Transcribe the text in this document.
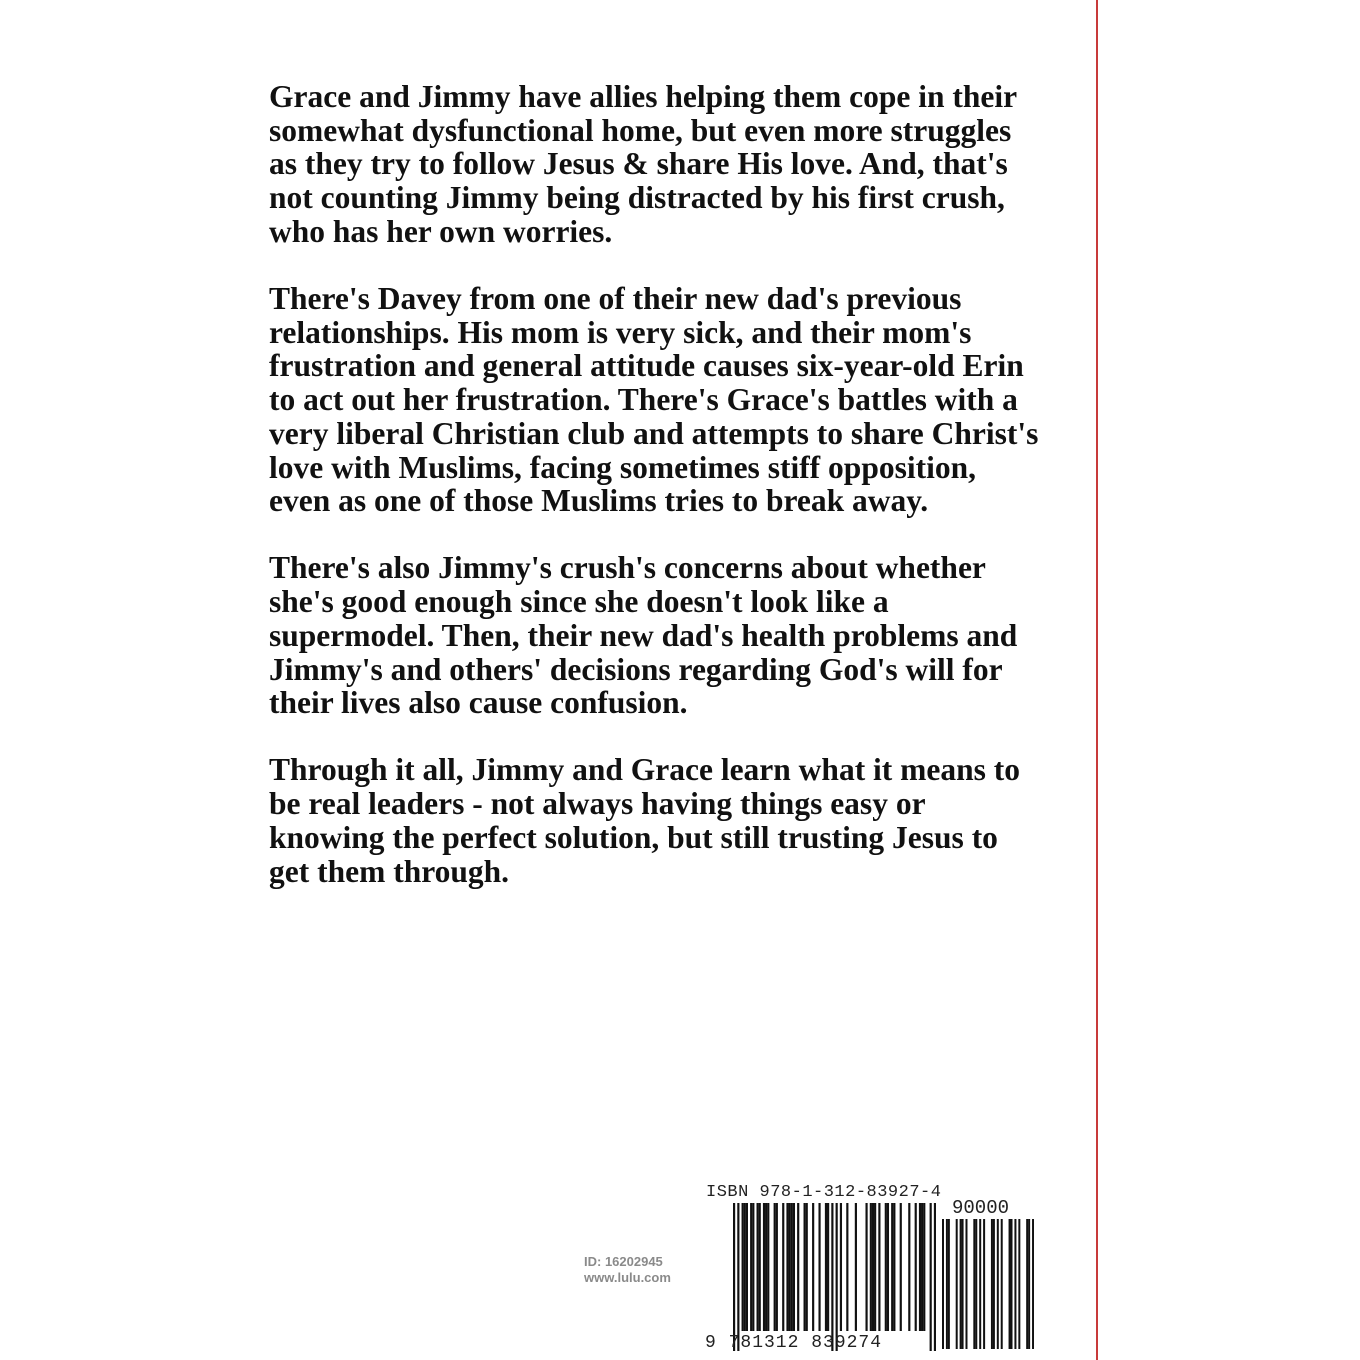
Grace and Jimmy have allies helping them cope in their somewhat dysfunctional home, but even more struggles as they try to follow Jesus & share His love. And, that's not counting Jimmy being distracted by his first crush, who has her own worries.

There's Davey from one of their new dad's previous relationships. His mom is very sick, and their mom's frustration and general attitude causes six-year-old Erin to act out her frustration. There's Grace's battles with a very liberal Christian club and attempts to share Christ's love with Muslims, facing sometimes stiff opposition, even as one of those Muslims tries to break away.

There's also Jimmy's crush's concerns about whether she's good enough since she doesn't look like a supermodel. Then, their new dad's health problems and Jimmy's and others' decisions regarding God's will for their lives also cause confusion.

Through it all, Jimmy and Grace learn what it means to be real leaders - not always having things easy or knowing the perfect solution, but still trusting Jesus to get them through.

ID: 16202945
www.lulu.com
ISBN 978-1-312-83927-4
90000
9 781312 839274
